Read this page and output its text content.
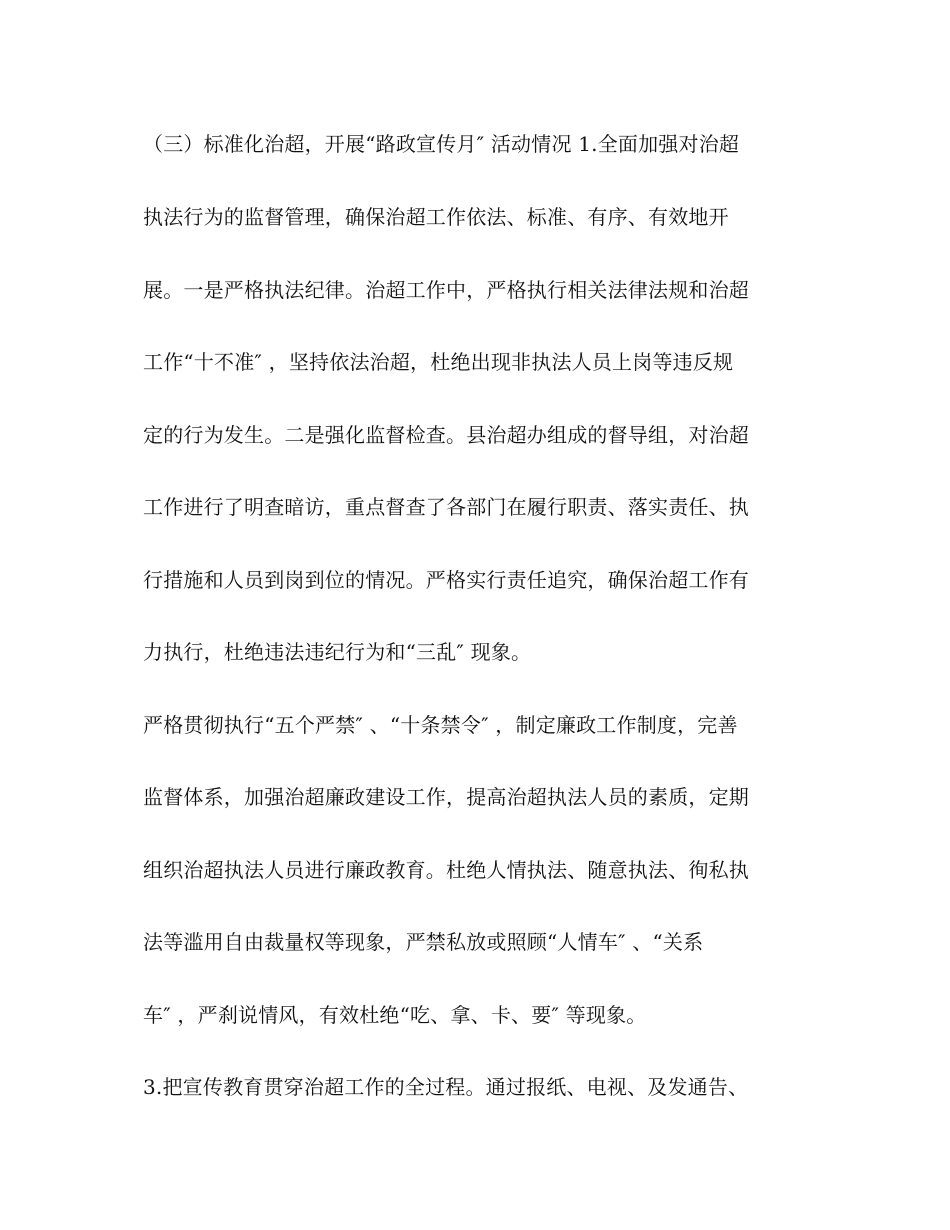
（三）标准化治超，开展“路政宣传月″ 活动情况 1.全面加强对治超
执法行为的监督管理，确保治超工作依法、标准、有序、有效地开
展。一是严格执法纪律。治超工作中，严格执行相关法律法规和治超
工作“十不准″ ，坚持依法治超，杜绝出现非执法人员上岗等违反规
定的行为发生。二是强化监督检查。县治超办组成的督导组，对治超
工作进行了明查暗访，重点督查了各部门在履行职责、落实责任、执
行措施和人员到岗到位的情况。严格实行责任追究，确保治超工作有
力执行，杜绝违法违纪行为和“三乱″ 现象。
严格贯彻执行“五个严禁″ 、“十条禁令″ ，制定廉政工作制度，完善
监督体系，加强治超廉政建设工作，提高治超执法人员的素质，定期
组织治超执法人员进行廉政教育。杜绝人情执法、随意执法、徇私执
法等滥用自由裁量权等现象，严禁私放或照顾“人情车″ 、“关系
车″ ，严刹说情风，有效杜绝“吃、拿、卡、要″ 等现象。
3.把宣传教育贯穿治超工作的全过程。通过报纸、电视、及发通告、
